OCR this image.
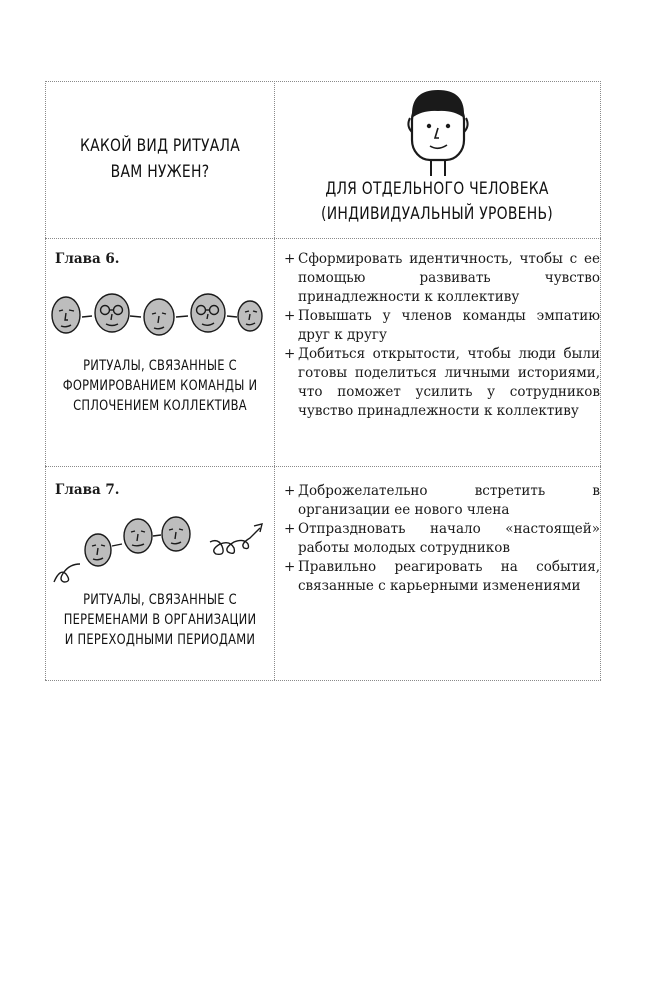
КАКОЙ ВИД РИТУАЛА ВАМ НУЖЕН?
ДЛЯ ОТДЕЛЬНОГО ЧЕЛОВЕКА (ИНДИВИДУАЛЬНЫЙ УРОВЕНЬ)
Глава 6.
РИТУАЛЫ, СВЯЗАННЫЕ С ФОРМИРОВАНИЕМ КОМАНДЫ И СПЛОЧЕНИЕМ КОЛЛЕКТИВА
+ Сформировать идентичность, чтобы с ее помощью развивать чувство принадлежности к коллективу
+ Повышать у членов команды эмпатию друг к другу
+ Добиться открытости, чтобы люди были готовы поделиться личными историями, что поможет усилить у сотрудников чувство принадлежности к коллективу
Глава 7.
РИТУАЛЫ, СВЯЗАННЫЕ С ПЕРЕМЕНАМИ В ОРГАНИЗАЦИИ И ПЕРЕХОДНЫМИ ПЕРИОДАМИ
+ Доброжелательно встретить в организации ее нового члена
+ Отпраздновать начало «настоящей» работы молодых сотрудников
+ Правильно реагировать на события, связанные с карьерными изменениями
